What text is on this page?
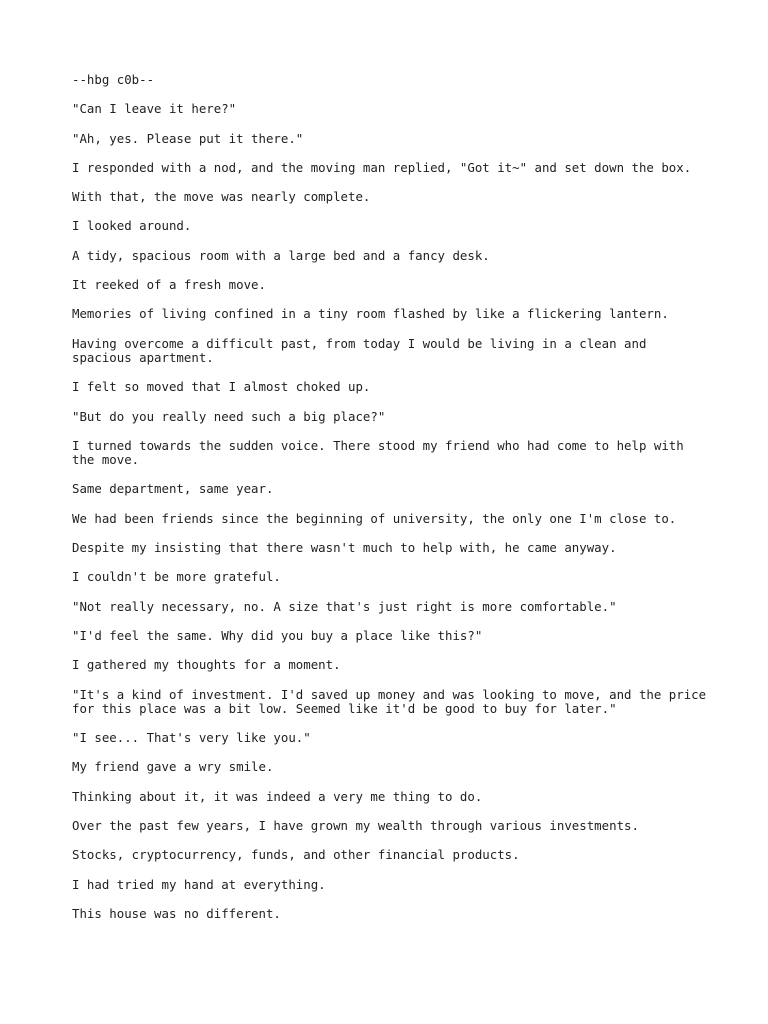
--hbg c0b--

"Can I leave it here?"

"Ah, yes. Please put it there."

I responded with a nod, and the moving man replied, "Got it~" and set down the box.

With that, the move was nearly complete.

I looked around.

A tidy, spacious room with a large bed and a fancy desk.

It reeked of a fresh move.

Memories of living confined in a tiny room flashed by like a flickering lantern.

Having overcome a difficult past, from today I would be living in a clean and spacious apartment.

I felt so moved that I almost choked up.

"But do you really need such a big place?"

I turned towards the sudden voice. There stood my friend who had come to help with the move.

Same department, same year.

We had been friends since the beginning of university, the only one I'm close to.

Despite my insisting that there wasn't much to help with, he came anyway.

I couldn't be more grateful.

"Not really necessary, no. A size that's just right is more comfortable."

"I'd feel the same. Why did you buy a place like this?"

I gathered my thoughts for a moment.

"It's a kind of investment. I'd saved up money and was looking to move, and the price for this place was a bit low. Seemed like it'd be good to buy for later."

"I see... That's very like you."

My friend gave a wry smile.

Thinking about it, it was indeed a very me thing to do.

Over the past few years, I have grown my wealth through various investments.

Stocks, cryptocurrency, funds, and other financial products.

I had tried my hand at everything.

This house was no different.
